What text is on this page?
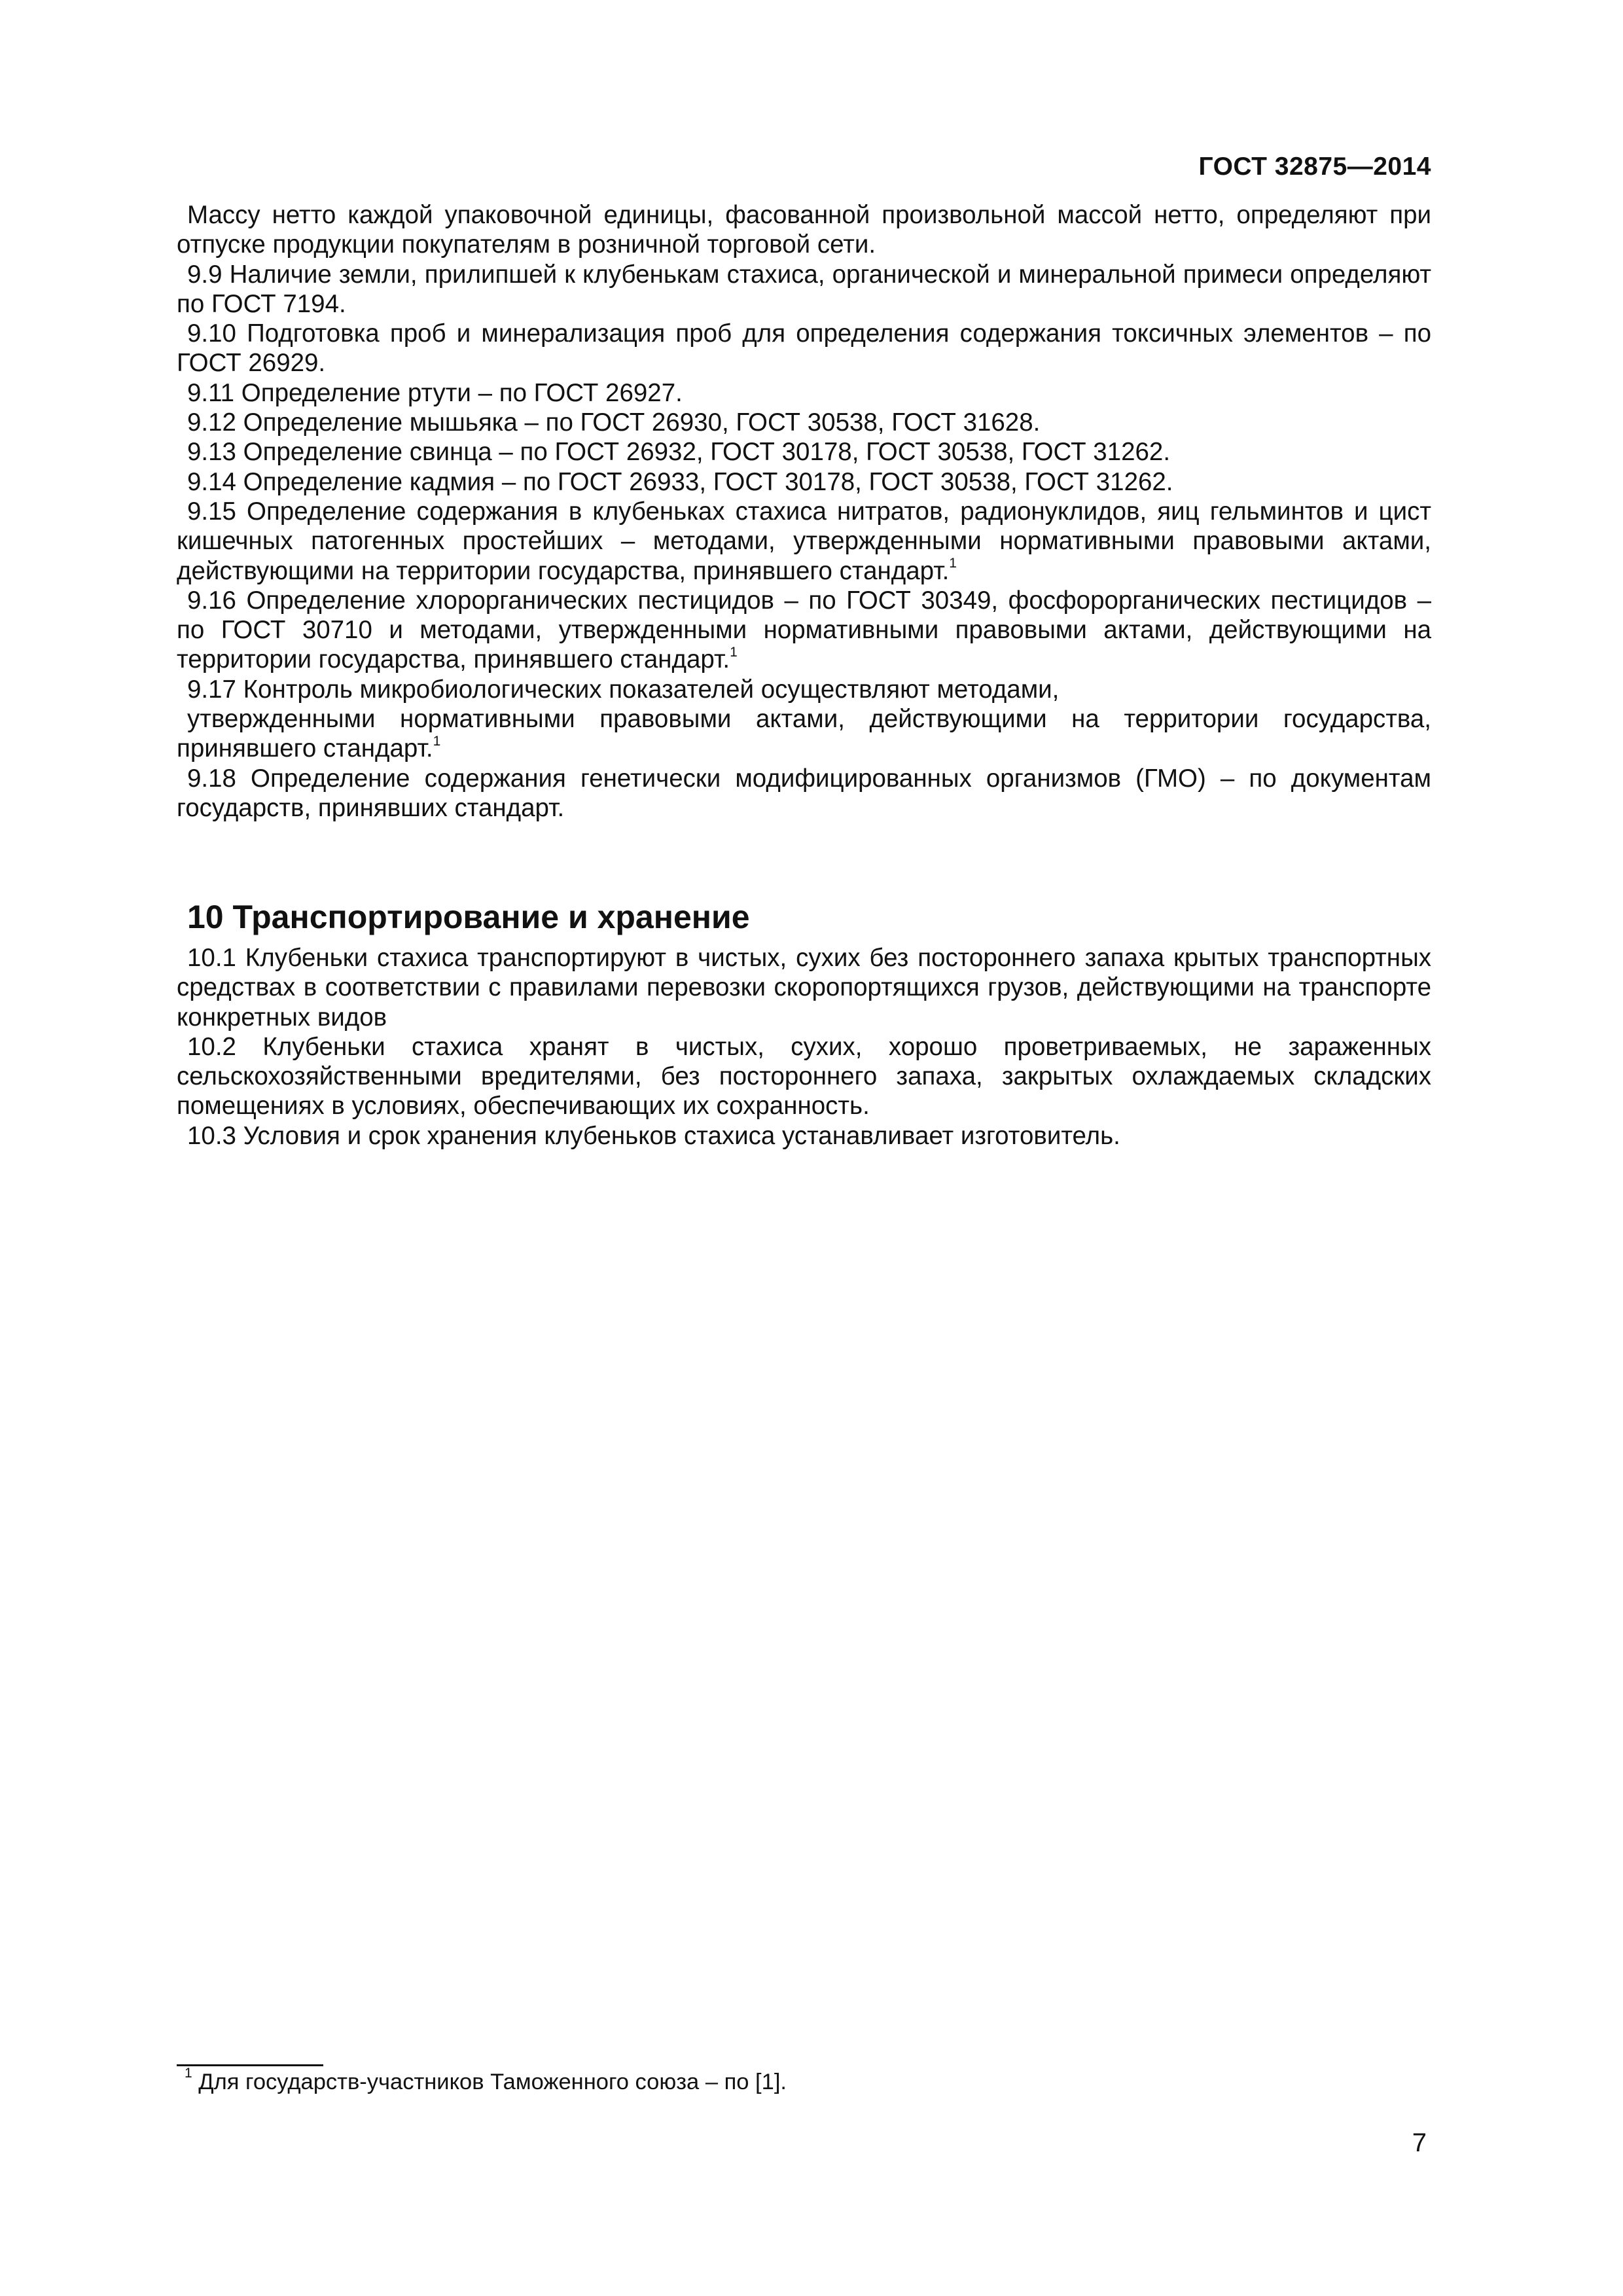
ГОСТ 32875—2014

Массу нетто каждой упаковочной единицы, фасованной произвольной массой нетто, определяют при отпуске продукции покупателям в розничной торговой сети.

9.9 Наличие земли, прилипшей к клубенькам стахиса, органической и минеральной примеси определяют по ГОСТ 7194.

9.10 Подготовка проб и минерализация проб для определения содержания токсичных элементов – по ГОСТ 26929.

9.11 Определение ртути – по ГОСТ 26927.

9.12 Определение мышьяка – по ГОСТ 26930, ГОСТ 30538, ГОСТ 31628.

9.13 Определение свинца – по ГОСТ 26932, ГОСТ 30178, ГОСТ 30538, ГОСТ 31262.

9.14 Определение кадмия – по ГОСТ 26933, ГОСТ 30178, ГОСТ 30538, ГОСТ 31262.

9.15 Определение содержания в клубеньках стахиса нитратов, радионуклидов, яиц гельминтов и цист кишечных патогенных простейших – методами, утвержденными нормативными правовыми актами, действующими на территории государства, принявшего стандарт.$^1$

9.16 Определение хлорорганических пестицидов – по ГОСТ 30349, фосфорорганических пестицидов – по ГОСТ 30710 и методами, утвержденными нормативными правовыми актами, действующими на территории государства, принявшего стандарт.$^1$

9.17 Контроль микробиологических показателей осуществляют методами,

утвержденными нормативными правовыми актами, действующими на территории государства, принявшего стандарт.$^1$

9.18 Определение содержания генетически модифицированных организмов (ГМО) – по документам государств, принявших стандарт.

10 Транспортирование и хранение

10.1 Клубеньки стахиса транспортируют в чистых, сухих без постороннего запаха крытых транспортных средствах в соответствии с правилами перевозки скоропортящихся грузов, действующими на транспорте конкретных видов

10.2 Клубеньки стахиса хранят в чистых, сухих, хорошо проветриваемых, не зараженных сельскохозяйственными вредителями, без постороннего запаха, закрытых охлаждаемых складских помещениях в условиях, обеспечивающих их сохранность.

10.3 Условия и срок хранения клубеньков стахиса устанавливает изготовитель.

$^1$ Для государств-участников Таможенного союза – по [1].
7
